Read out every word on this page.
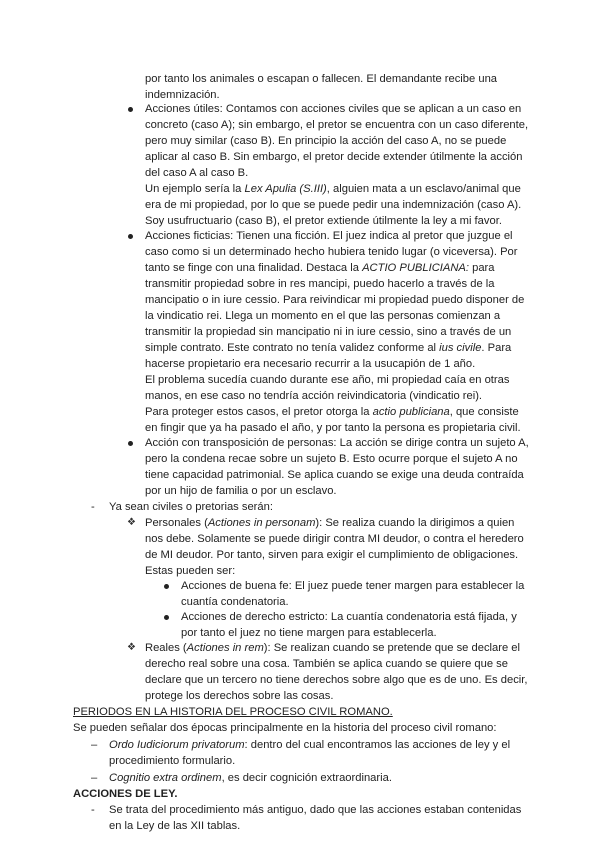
por tanto los animales o escapan o fallecen. El demandante recibe una
indemnización.
Acciones útiles: Contamos con acciones civiles que se aplican a un caso en
concreto (caso A); sin embargo, el pretor se encuentra con un caso diferente,
pero muy similar (caso B). En principio la acción del caso A, no se puede
aplicar al caso B. Sin embargo, el pretor decide extender útilmente la acción
del caso A al caso B.
Un ejemplo sería la Lex Apulia (S.III), alguien mata a un esclavo/animal que
era de mi propiedad, por lo que se puede pedir una indemnización (caso A).
Soy usufructuario (caso B), el pretor extiende útilmente la ley a mi favor.
Acciones ficticias: Tienen una ficción. El juez indica al pretor que juzgue el
caso como si un determinado hecho hubiera tenido lugar (o viceversa). Por
tanto se finge con una finalidad. Destaca la ACTIO PUBLICIANA: para
transmitir propiedad sobre in res mancipi, puedo hacerlo a través de la
mancipatio o in iure cessio. Para reivindicar mi propiedad puedo disponer de
la vindicatio rei. Llega un momento en el que las personas comienzan a
transmitir la propiedad sin mancipatio ni in iure cessio, sino a través de un
simple contrato. Este contrato no tenía validez conforme al ius civile. Para
hacerse propietario era necesario recurrir a la usucapión de 1 año.
El problema sucedía cuando durante ese año, mi propiedad caía en otras
manos, en ese caso no tendría acción reivindicatoria (vindicatio rei).
Para proteger estos casos, el pretor otorga la actio publiciana, que consiste
en fingir que ya ha pasado el año, y por tanto la persona es propietaria civil.
Acción con transposición de personas: La acción se dirige contra un sujeto A,
pero la condena recae sobre un sujeto B. Esto ocurre porque el sujeto A no
tiene capacidad patrimonial. Se aplica cuando se exige una deuda contraída
por un hijo de familia o por un esclavo.
- Ya sean civiles o pretorias serán:
❖ Personales (Actiones in personam): Se realiza cuando la dirigimos a quien
nos debe. Solamente se puede dirigir contra MI deudor, o contra el heredero
de MI deudor. Por tanto, sirven para exigir el cumplimiento de obligaciones.
Estas pueden ser:
Acciones de buena fe: El juez puede tener margen para establecer la
cuantía condenatoria.
Acciones de derecho estricto: La cuantía condenatoria está fijada, y
por tanto el juez no tiene margen para establecerla.
❖ Reales (Actiones in rem): Se realizan cuando se pretende que se declare el
derecho real sobre una cosa. También se aplica cuando se quiere que se
declare que un tercero no tiene derechos sobre algo que es de uno. Es decir,
protege los derechos sobre las cosas.
PERIODOS EN LA HISTORIA DEL PROCESO CIVIL ROMANO.
Se pueden señalar dos épocas principalmente en la historia del proceso civil romano:
– Ordo Iudiciorum privatorum: dentro del cual encontramos las acciones de ley y el
procedimiento formulario.
– Cognitio extra ordinem, es decir cognición extraordinaria.
ACCIONES DE LEY.
- Se trata del procedimiento más antiguo, dado que las acciones estaban contenidas
en la Ley de las XII tablas.
